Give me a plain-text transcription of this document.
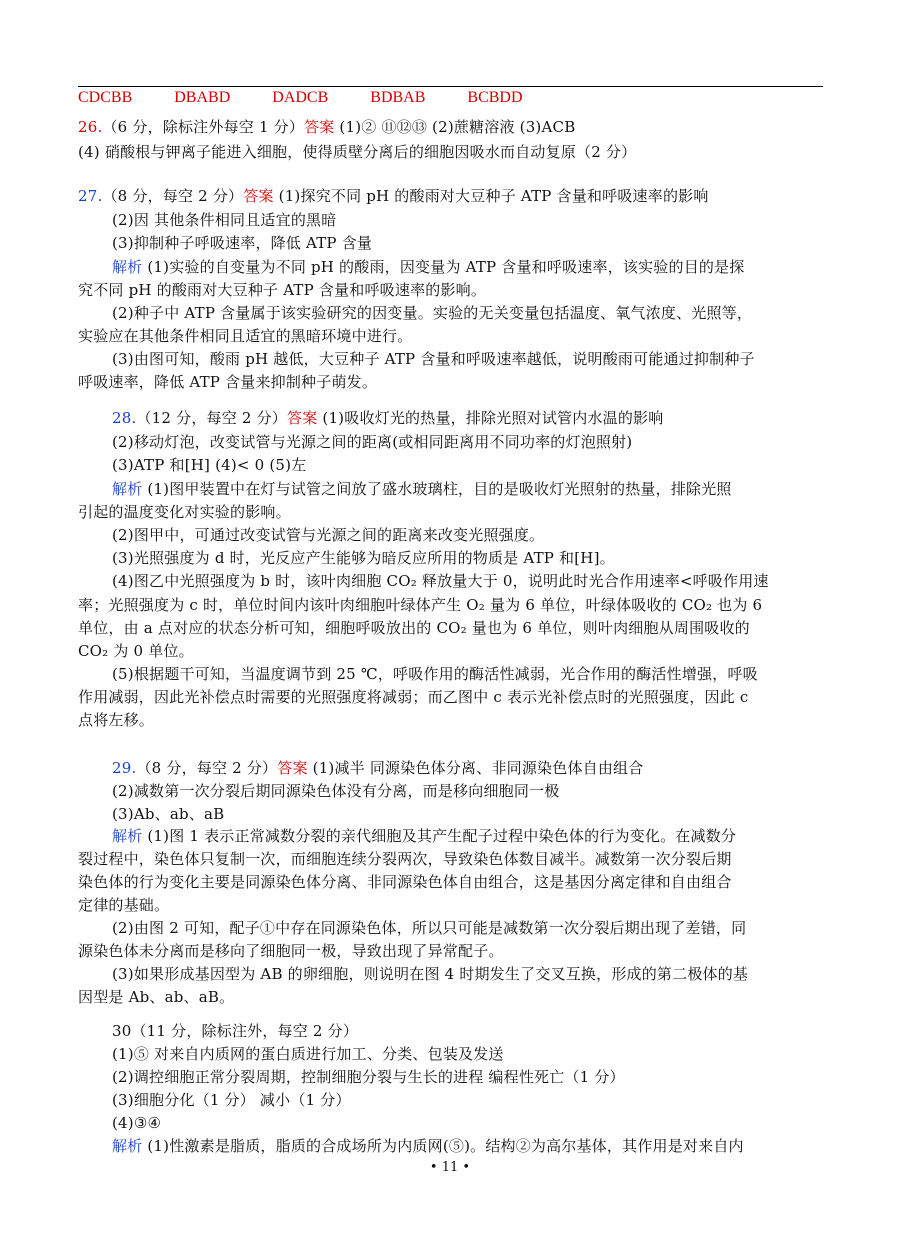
CDCBB	DBABD	DADCB	BDBAB	BCBDD
26.（6 分，除标注外每空 1 分）答案 (1)② ⑪⑫⑬ (2)蔗糖溶液 (3)ACB
(4) 硝酸根与钾离子能进入细胞，使得质壁分离后的细胞因吸水而自动复原（2 分）
27.（8 分，每空 2 分）答案 (1)探究不同 pH 的酸雨对大豆种子 ATP 含量和呼吸速率的影响
(2)因 其他条件相同且适宜的黑暗
(3)抑制种子呼吸速率，降低 ATP 含量
解析 (1)实验的自变量为不同 pH 的酸雨，因变量为 ATP 含量和呼吸速率，该实验的目的是探
究不同 pH 的酸雨对大豆种子 ATP 含量和呼吸速率的影响。
(2)种子中 ATP 含量属于该实验研究的因变量。实验的无关变量包括温度、氧气浓度、光照等，
实验应在其他条件相同且适宜的黑暗环境中进行。
(3)由图可知，酸雨 pH 越低，大豆种子 ATP 含量和呼吸速率越低，说明酸雨可能通过抑制种子
呼吸速率，降低 ATP 含量来抑制种子萌发。
28.（12 分，每空 2 分）答案 (1)吸收灯光的热量，排除光照对试管内水温的影响
(2)移动灯泡，改变试管与光源之间的距离(或相同距离用不同功率的灯泡照射)
(3)ATP 和[H] (4)< 0 (5)左
解析 (1)图甲装置中在灯与试管之间放了盛水玻璃柱，目的是吸收灯光照射的热量，排除光照
引起的温度变化对实验的影响。
(2)图甲中，可通过改变试管与光源之间的距离来改变光照强度。
(3)光照强度为 d 时，光反应产生能够为暗反应所用的物质是 ATP 和[H]。
(4)图乙中光照强度为 b 时，该叶肉细胞 CO₂ 释放量大于 0，说明此时光合作用速率<呼吸作用速
率；光照强度为 c 时，单位时间内该叶肉细胞叶绿体产生 O₂ 量为 6 单位，叶绿体吸收的 CO₂ 也为 6
单位，由 a 点对应的状态分析可知，细胞呼吸放出的 CO₂ 量也为 6 单位，则叶肉细胞从周围吸收的
CO₂ 为 0 单位。
(5)根据题干可知，当温度调节到 25 ℃，呼吸作用的酶活性减弱，光合作用的酶活性增强，呼吸
作用减弱，因此光补偿点时需要的光照强度将减弱；而乙图中 c 表示光补偿点时的光照强度，因此 c
点将左移。
29.（8 分，每空 2 分）答案 (1)减半 同源染色体分离、非同源染色体自由组合
(2)减数第一次分裂后期同源染色体没有分离，而是移向细胞同一极
(3)Ab、ab、aB
解析 (1)图 1 表示正常减数分裂的亲代细胞及其产生配子过程中染色体的行为变化。在减数分
裂过程中，染色体只复制一次，而细胞连续分裂两次，导致染色体数目减半。减数第一次分裂后期
染色体的行为变化主要是同源染色体分离、非同源染色体自由组合，这是基因分离定律和自由组合
定律的基础。
(2)由图 2 可知，配子①中存在同源染色体，所以只可能是减数第一次分裂后期出现了差错，同
源染色体未分离而是移向了细胞同一极，导致出现了异常配子。
(3)如果形成基因型为 AB 的卵细胞，则说明在图 4 时期发生了交叉互换，形成的第二极体的基
因型是 Ab、ab、aB。
30（11 分，除标注外，每空 2 分）
(1)⑤ 对来自内质网的蛋白质进行加工、分类、包装及发送
(2)调控细胞正常分裂周期，控制细胞分裂与生长的进程 编程性死亡（1 分）
(3)细胞分化（1 分） 减小（1 分）
(4)③④
解析 (1)性激素是脂质，脂质的合成场所为内质网(⑤)。结构②为高尔基体，其作用是对来自内
• 11 •
